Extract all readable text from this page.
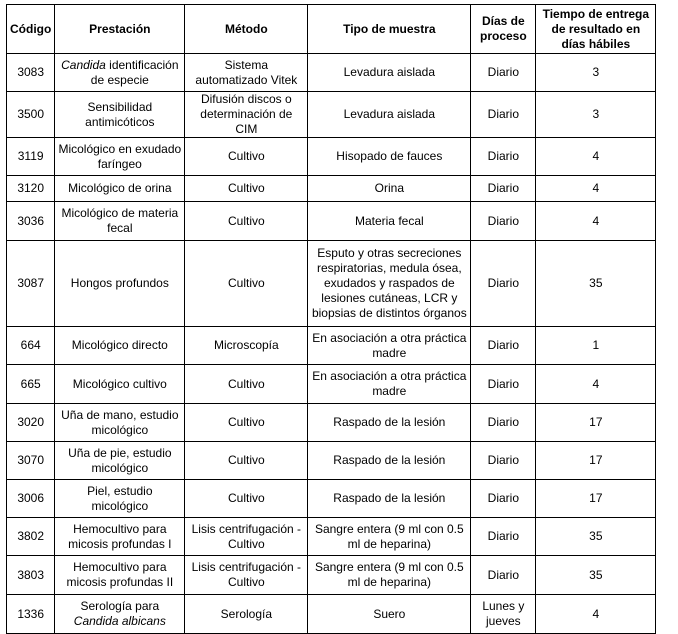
Código	Prestación	Método	Tipo de muestra	Días de proceso	Tiempo de entrega de resultado en días hábiles
3083	Candida identificación de especie	Sistema automatizado Vitek	Levadura aislada	Diario	3
3500	Sensibilidad antimicóticos	Difusión discos o determinación de CIM	Levadura aislada	Diario	3
3119	Micológico en exudado faríngeo	Cultivo	Hisopado de fauces	Diario	4
3120	Micológico de orina	Cultivo	Orina	Diario	4
3036	Micológico de materia fecal	Cultivo	Materia fecal	Diario	4
3087	Hongos profundos	Cultivo	Esputo y otras secreciones respiratorias, medula ósea, exudados y raspados de lesiones cutáneas, LCR y biopsias de distintos órganos	Diario	35
664	Micológico directo	Microscopía	En asociación a otra práctica madre	Diario	1
665	Micológico cultivo	Cultivo	En asociación a otra práctica madre	Diario	4
3020	Uña de mano, estudio micológico	Cultivo	Raspado de la lesión	Diario	17
3070	Uña de pie, estudio micológico	Cultivo	Raspado de la lesión	Diario	17
3006	Piel, estudio micológico	Cultivo	Raspado de la lesión	Diario	17
3802	Hemocultivo para micosis profundas I	Lisis centrifugación - Cultivo	Sangre entera (9 ml con 0.5 ml de heparina)	Diario	35
3803	Hemocultivo para micosis profundas II	Lisis centrifugación - Cultivo	Sangre entera (9 ml con 0.5 ml de heparina)	Diario	35
1336	Serología para Candida albicans	Serología	Suero	Lunes y jueves	4
